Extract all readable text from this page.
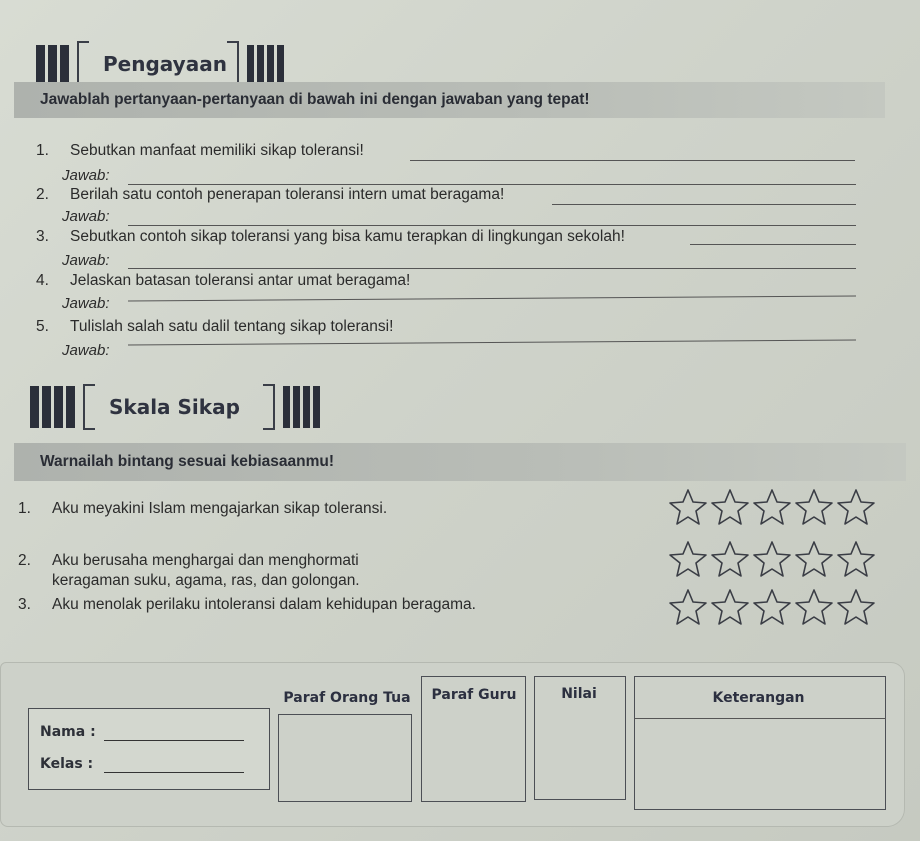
Pengayaan
Jawablah pertanyaan-pertanyaan di bawah ini dengan jawaban yang tepat!
1. Sebutkan manfaat memiliki sikap toleransi!
Jawab:
2. Berilah satu contoh penerapan toleransi intern umat beragama!
Jawab:
3. Sebutkan contoh sikap toleransi yang bisa kamu terapkan di lingkungan sekolah!
Jawab:
4. Jelaskan batasan toleransi antar umat beragama!
Jawab:
5. Tulislah salah satu dalil tentang sikap toleransi!
Jawab:
Skala Sikap
Warnailah bintang sesuai kebiasaanmu!
1. Aku meyakini Islam mengajarkan sikap toleransi.
2. Aku berusaha menghargai dan menghormati
keragaman suku, agama, ras, dan golongan.
3. Aku menolak perilaku intoleransi dalam kehidupan beragama.
Nama :
Kelas :
Paraf Orang Tua	Paraf Guru	Nilai	Keterangan
